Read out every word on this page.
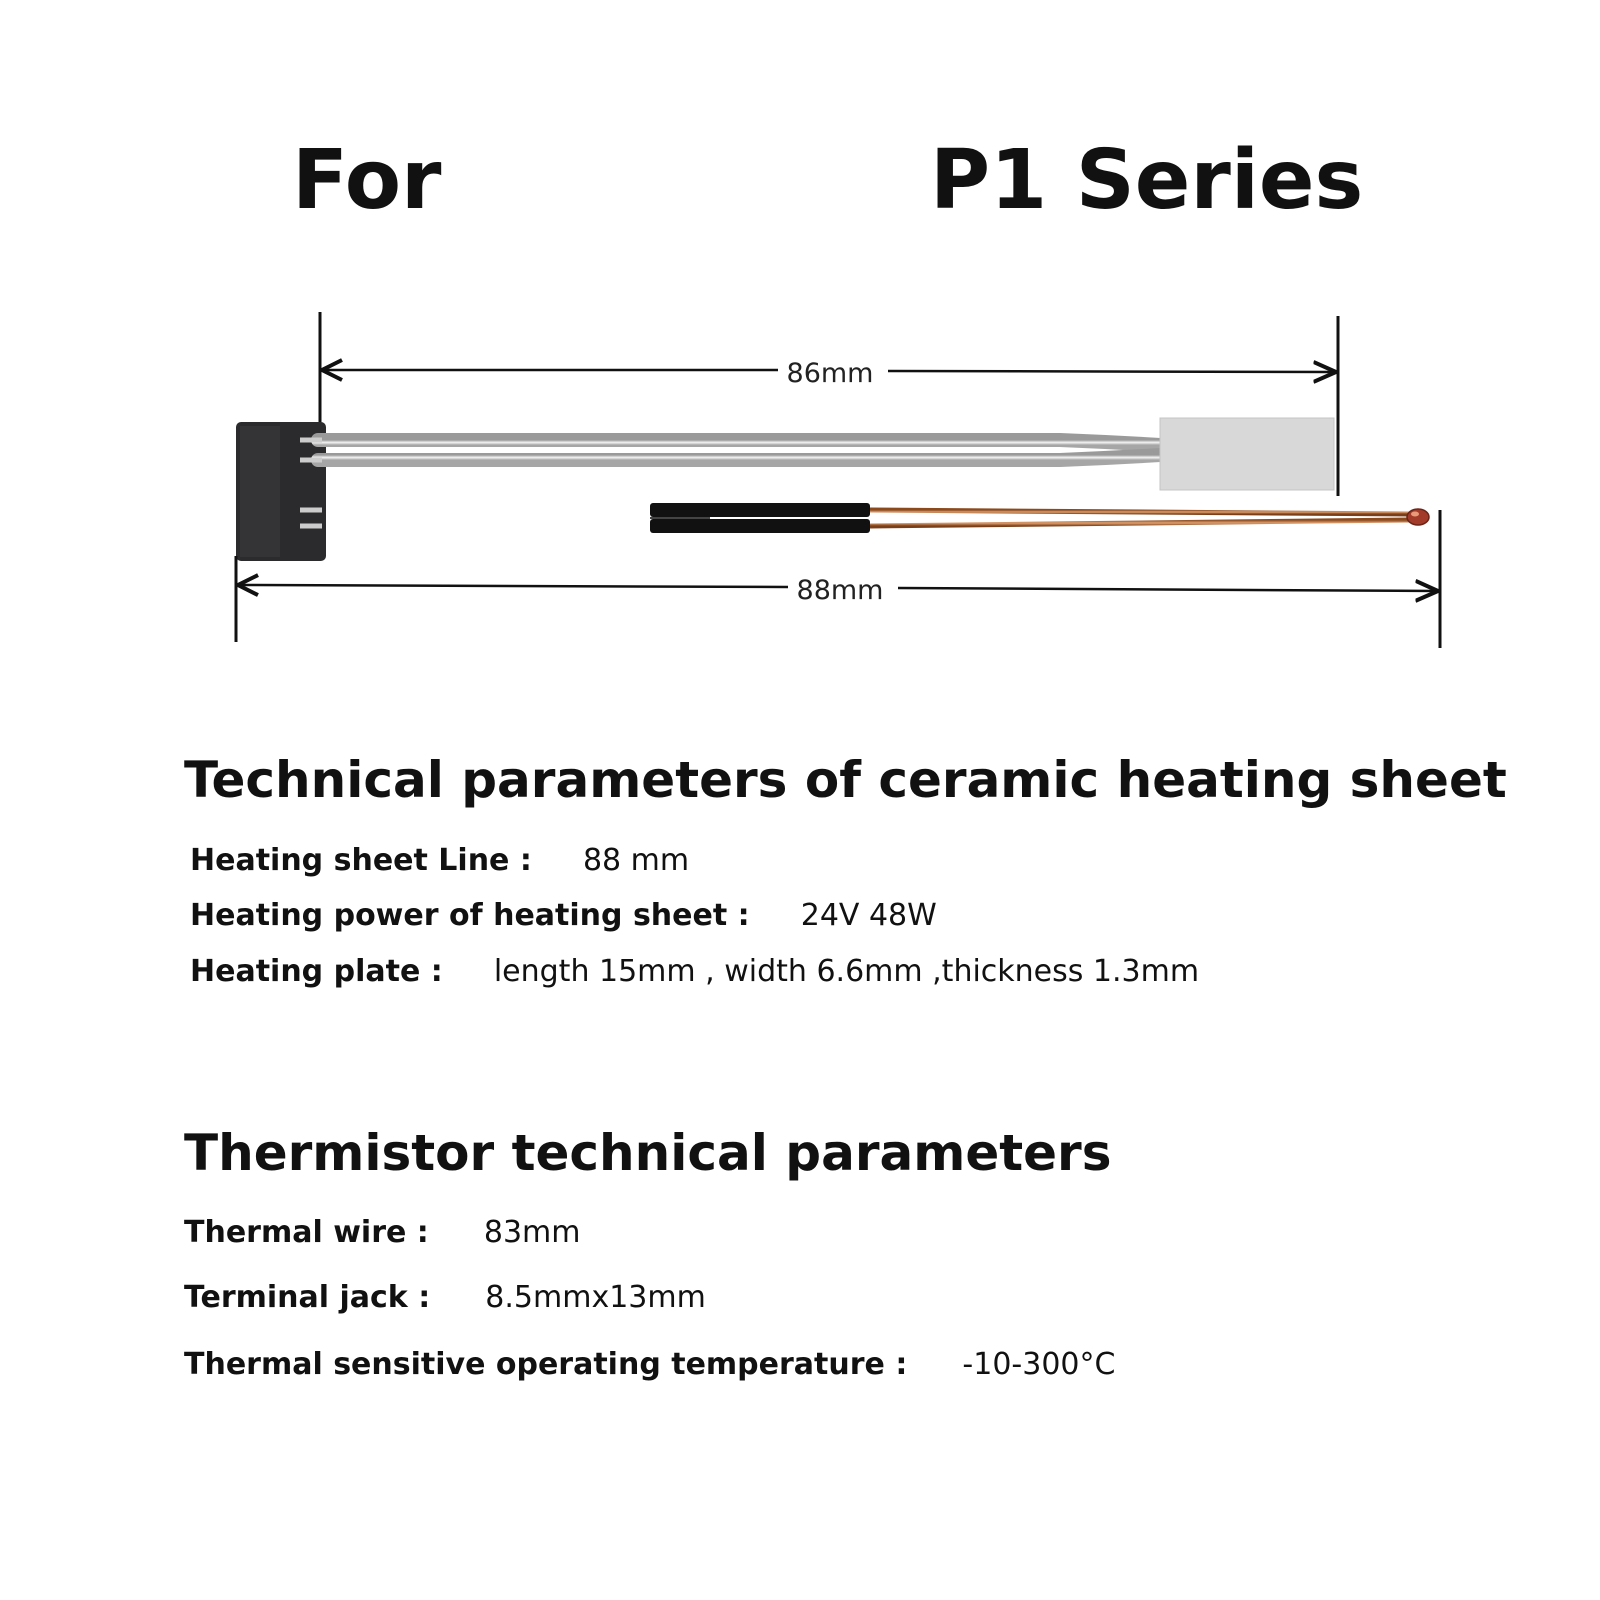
For	P1 Series
86mm
88mm
Technical parameters of ceramic heating sheet
Heating sheet Line : 88 mm
Heating power of heating sheet : 24V 48W
Heating plate : length 15mm , width 6.6mm ,thickness 1.3mm
Thermistor technical parameters
Thermal wire : 83mm
Terminal jack : 8.5mmx13mm
Thermal sensitive operating temperature : -10-300°C
